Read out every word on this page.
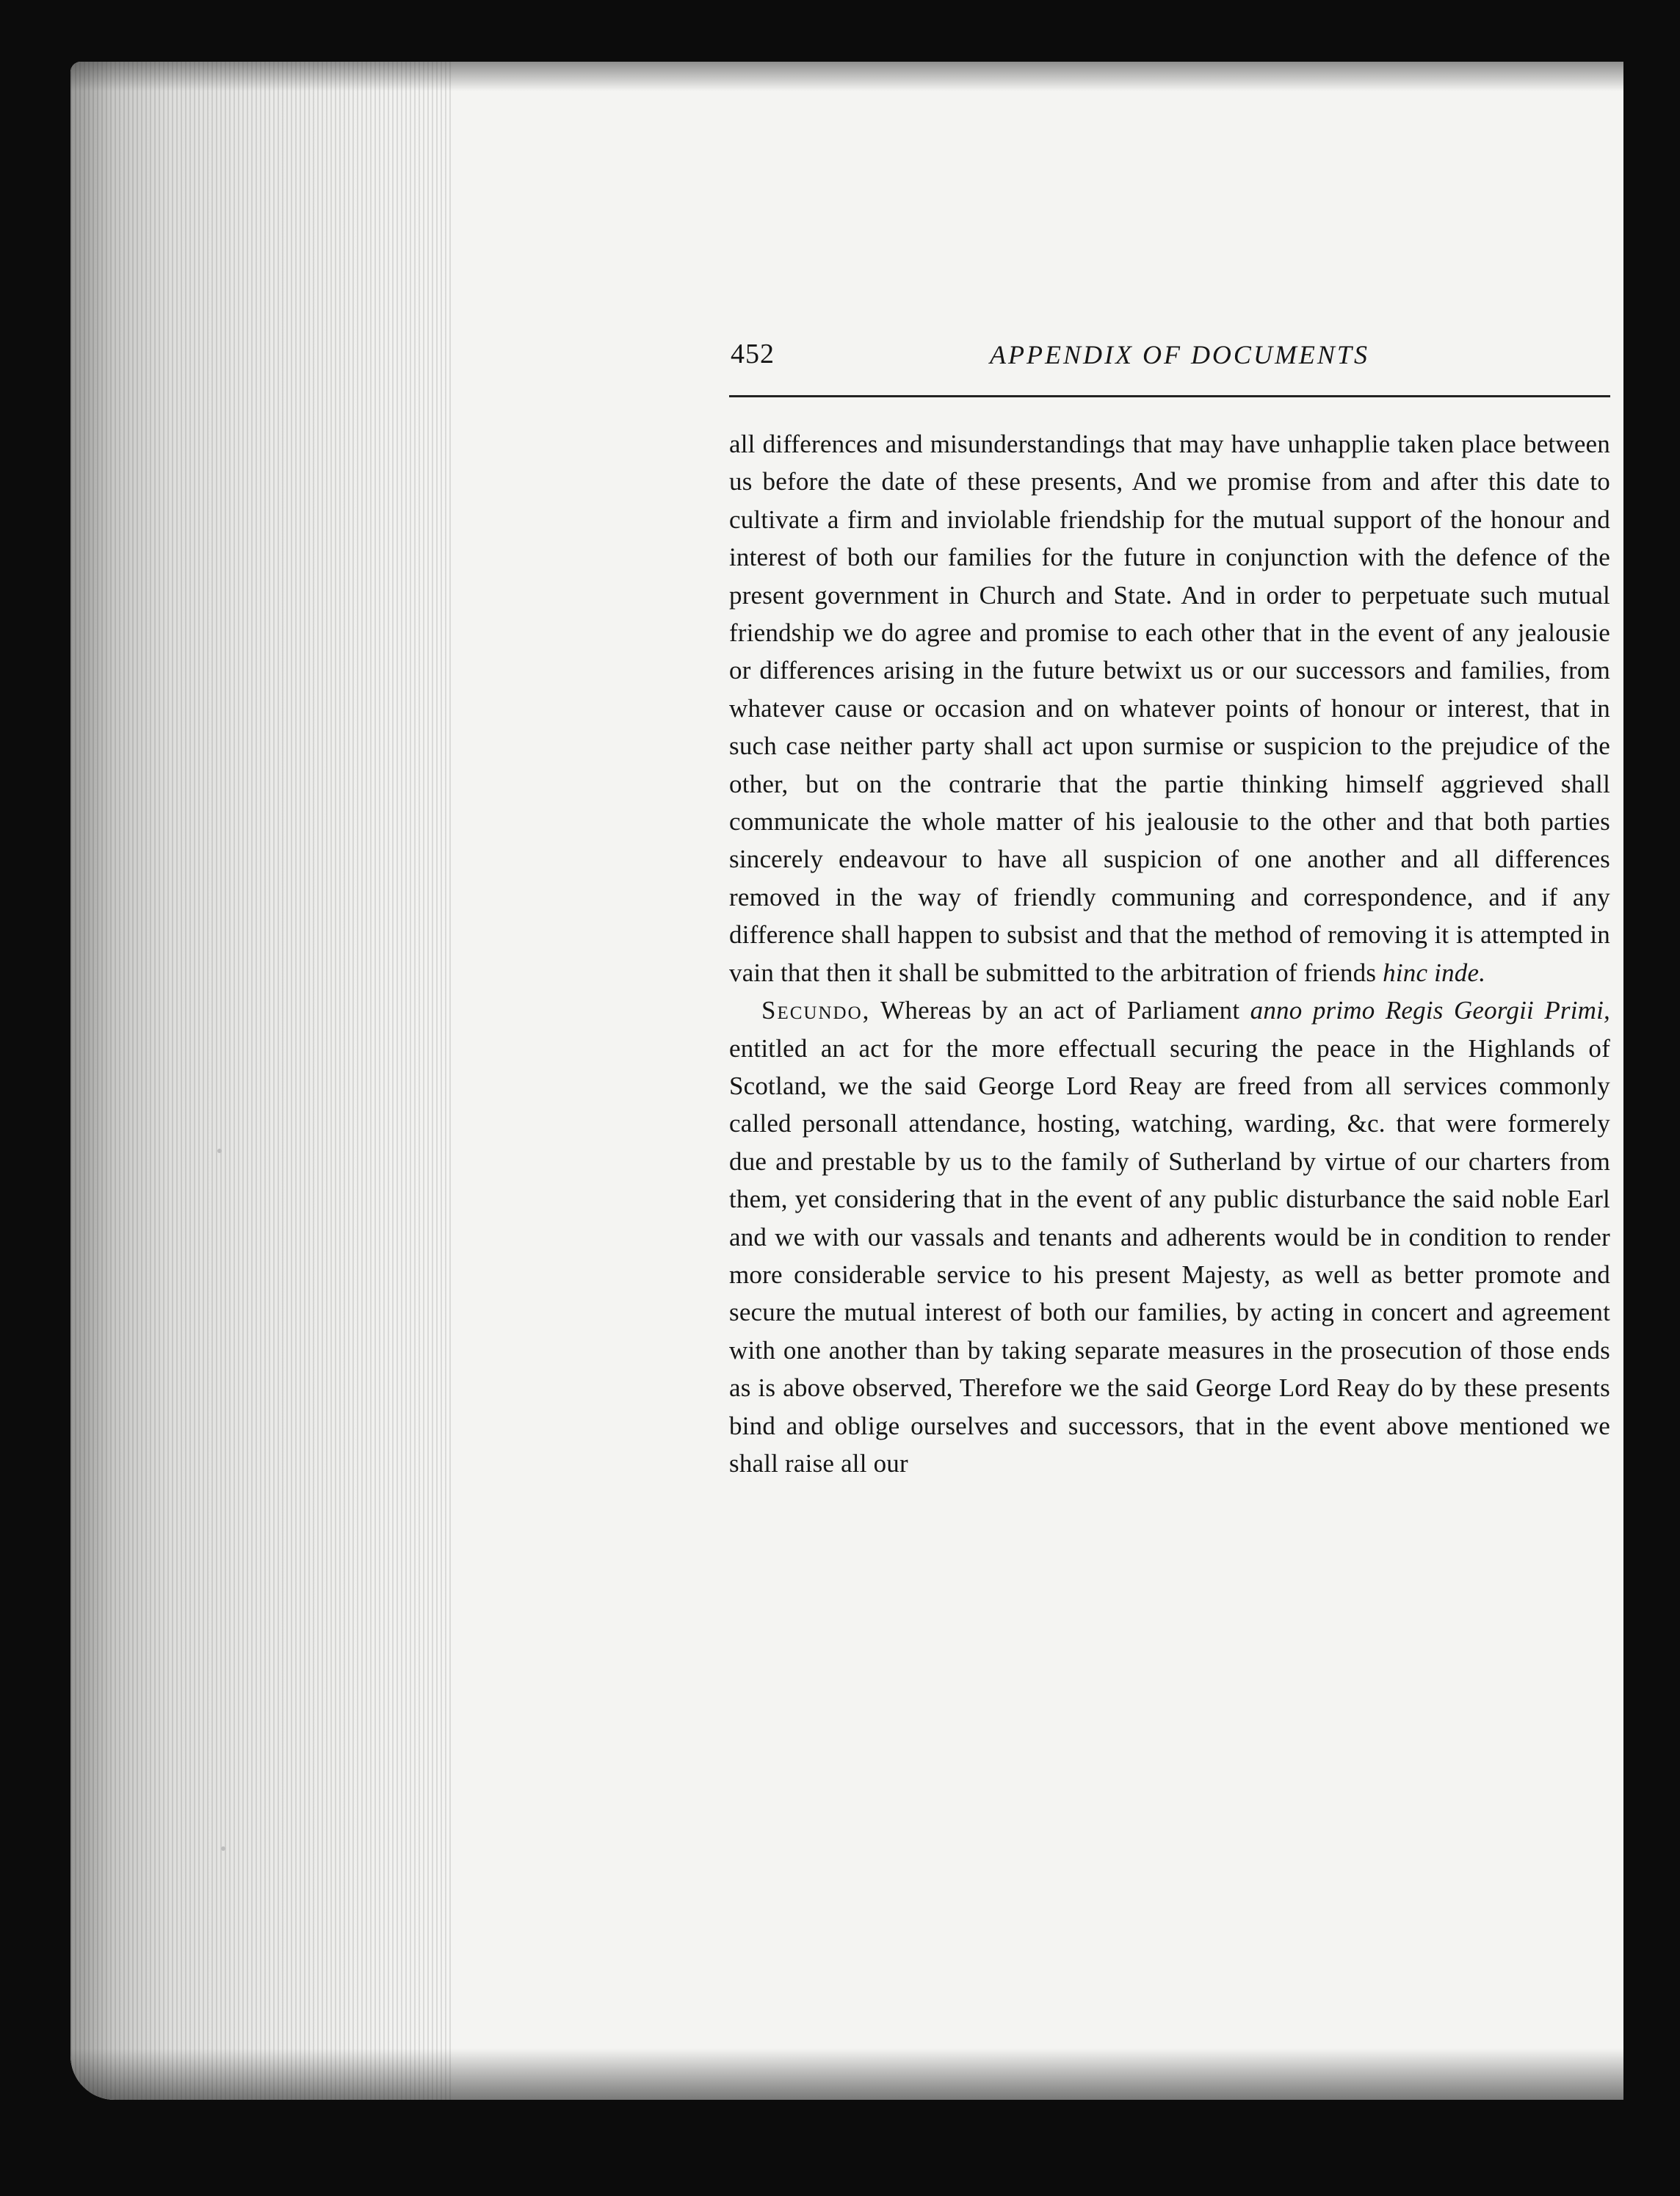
452	APPENDIX OF DOCUMENTS

all differences and misunderstandings that may have unhapplie taken place between us before the date of these presents, And we promise from and after this date to cultivate a firm and inviolable friendship for the mutual support of the honour and interest of both our families for the future in conjunction with the defence of the present government in Church and State. And in order to perpetuate such mutual friendship we do agree and promise to each other that in the event of any jealousie or differences arising in the future betwixt us or our successors and families, from whatever cause or occasion and on whatever points of honour or interest, that in such case neither party shall act upon surmise or suspicion to the prejudice of the other, but on the contrarie that the partie thinking himself aggrieved shall communicate the whole matter of his jealousie to the other and that both parties sincerely endeavour to have all suspicion of one another and all differences removed in the way of friendly communing and correspondence, and if any difference shall happen to subsist and that the method of removing it is attempted in vain that then it shall be submitted to the arbitration of friends hinc inde.

Secundo, Whereas by an act of Parliament anno primo Regis Georgii Primi, entitled an act for the more effectuall securing the peace in the Highlands of Scotland, we the said George Lord Reay are freed from all services commonly called personall attendance, hosting, watching, warding, &c. that were formerely due and prestable by us to the family of Sutherland by virtue of our charters from them, yet considering that in the event of any public disturbance the said noble Earl and we with our vassals and tenants and adherents would be in condition to render more considerable service to his present Majesty, as well as better promote and secure the mutual interest of both our families, by acting in concert and agreement with one another than by taking separate measures in the prosecution of those ends as is above observed, Therefore we the said George Lord Reay do by these presents bind and oblige ourselves and successors, that in the event above mentioned we shall raise all our
